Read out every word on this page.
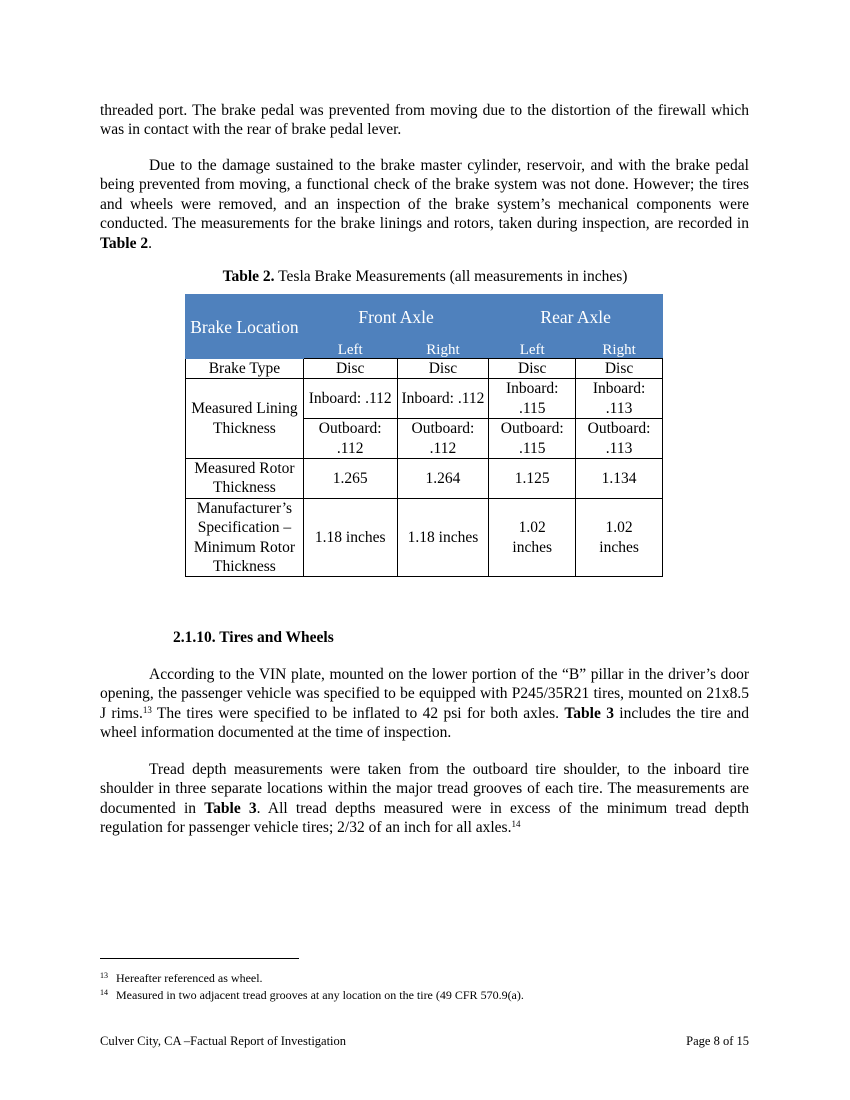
threaded port. The brake pedal was prevented from moving due to the distortion of the firewall which was in contact with the rear of brake pedal lever.

Due to the damage sustained to the brake master cylinder, reservoir, and with the brake pedal being prevented from moving, a functional check of the brake system was not done. However; the tires and wheels were removed, and an inspection of the brake system’s mechanical components were conducted. The measurements for the brake linings and rotors, taken during inspection, are recorded in Table 2.

Table 2. Tesla Brake Measurements (all measurements in inches)
Brake Location	Front Axle		Rear Axle	
	Left	Right	Left	Right
Brake Type	Disc	Disc	Disc	Disc
Measured Lining Thickness	Inboard: .112	Inboard: .112	Inboard: .115	Inboard: .113
	Outboard: .112	Outboard: .112	Outboard: .115	Outboard: .113
Measured Rotor Thickness	1.265	1.264	1.125	1.134
Manufacturer’s Specification – Minimum Rotor Thickness	1.18 inches	1.18 inches	1.02 inches	1.02 inches
2.1.10. Tires and Wheels

According to the VIN plate, mounted on the lower portion of the “B” pillar in the driver’s door opening, the passenger vehicle was specified to be equipped with P245/35R21 tires, mounted on 21x8.5 J rims.$^{13}$ The tires were specified to be inflated to 42 psi for both axles. Table 3 includes the tire and wheel information documented at the time of inspection.

Tread depth measurements were taken from the outboard tire shoulder, to the inboard tire shoulder in three separate locations within the major tread grooves of each tire. The measurements are documented in Table 3. All tread depths measured were in excess of the minimum tread depth regulation for passenger vehicle tires; 2/32 of an inch for all axles.$^{14}$

$^{13}$ Hereafter referenced as wheel.
$^{14}$ Measured in two adjacent tread grooves at any location on the tire (49 CFR 570.9(a).
Culver City, CA –Factual Report of Investigation	Page 8 of 15
